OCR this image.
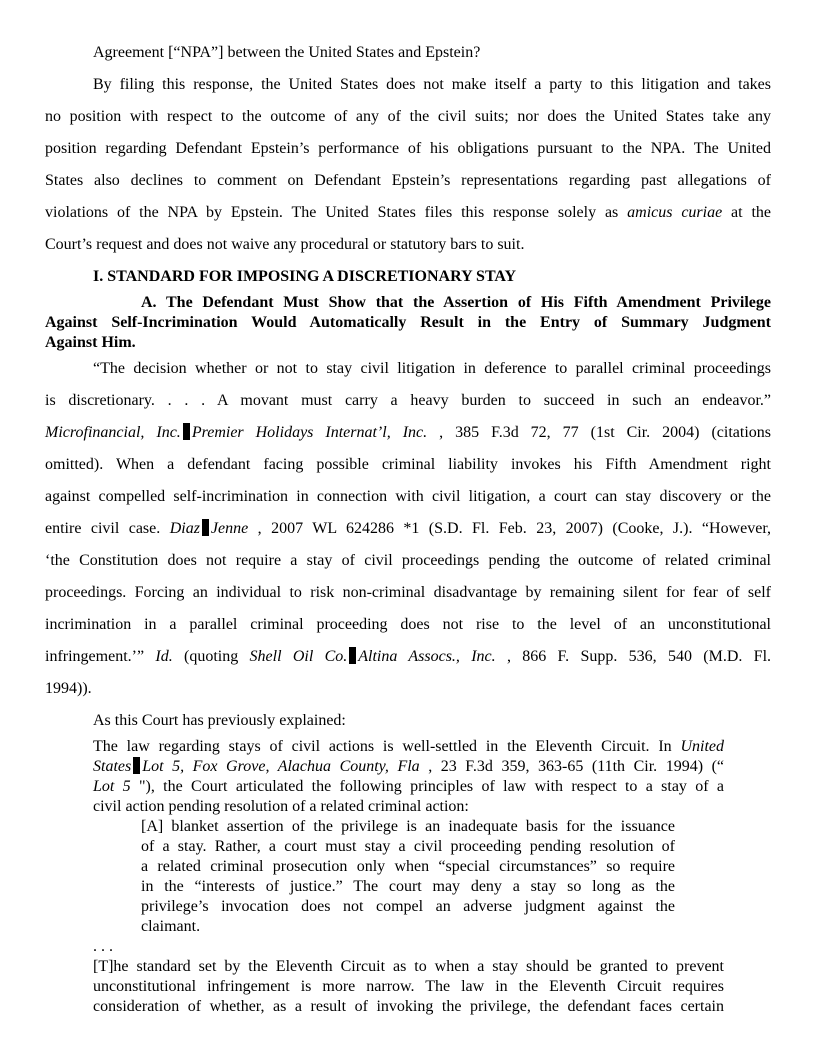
Agreement [“NPA”] between the United States and Epstein?
By filing this response, the United States does not make itself a party to this litigation and takes
no position with respect to the outcome of any of the civil suits; nor does the United States take any
position regarding Defendant Epstein’s performance of his obligations pursuant to the NPA. The United
States also declines to comment on Defendant Epstein’s representations regarding past allegations of
violations of the NPA by Epstein. The United States files this response solely as amicus curiae at the
Court’s request and does not waive any procedural or statutory bars to suit.
I. STANDARD FOR IMPOSING A DISCRETIONARY STAY
A. The Defendant Must Show that the Assertion of His Fifth Amendment Privilege
Against Self-Incrimination Would Automatically Result in the Entry of Summary Judgment
Against Him.
“The decision whether or not to stay civil litigation in deference to parallel criminal proceedings
is discretionary. . . . A movant must carry a heavy burden to succeed in such an endeavor.”
Microfinancial, Inc. Premier Holidays Internat’l, Inc. , 385 F.3d 72, 77 (1st Cir. 2004) (citations
omitted). When a defendant facing possible criminal liability invokes his Fifth Amendment right
against compelled self-incrimination in connection with civil litigation, a court can stay discovery or the
entire civil case. Diaz Jenne , 2007 WL 624286 *1 (S.D. Fl. Feb. 23, 2007) (Cooke, J.). “However,
‘the Constitution does not require a stay of civil proceedings pending the outcome of related criminal
proceedings. Forcing an individual to risk non-criminal disadvantage by remaining silent for fear of self
incrimination in a parallel criminal proceeding does not rise to the level of an unconstitutional
infringement.’” Id. (quoting Shell Oil Co. Altina Assocs., Inc. , 866 F. Supp. 536, 540 (M.D. Fl.
1994)).
As this Court has previously explained:
The law regarding stays of civil actions is well-settled in the Eleventh Circuit. In United
States Lot 5, Fox Grove, Alachua County, Fla , 23 F.3d 359, 363-65 (11th Cir. 1994) (“
Lot 5 "), the Court articulated the following principles of law with respect to a stay of a
civil action pending resolution of a related criminal action:
[A] blanket assertion of the privilege is an inadequate basis for the issuance
of a stay. Rather, a court must stay a civil proceeding pending resolution of
a related criminal prosecution only when “special circumstances” so require
in the “interests of justice.” The court may deny a stay so long as the
privilege’s invocation does not compel an adverse judgment against the
claimant.
. . .
[T]he standard set by the Eleventh Circuit as to when a stay should be granted to prevent
unconstitutional infringement is more narrow. The law in the Eleventh Circuit requires
consideration of whether, as a result of invoking the privilege, the defendant faces certain
